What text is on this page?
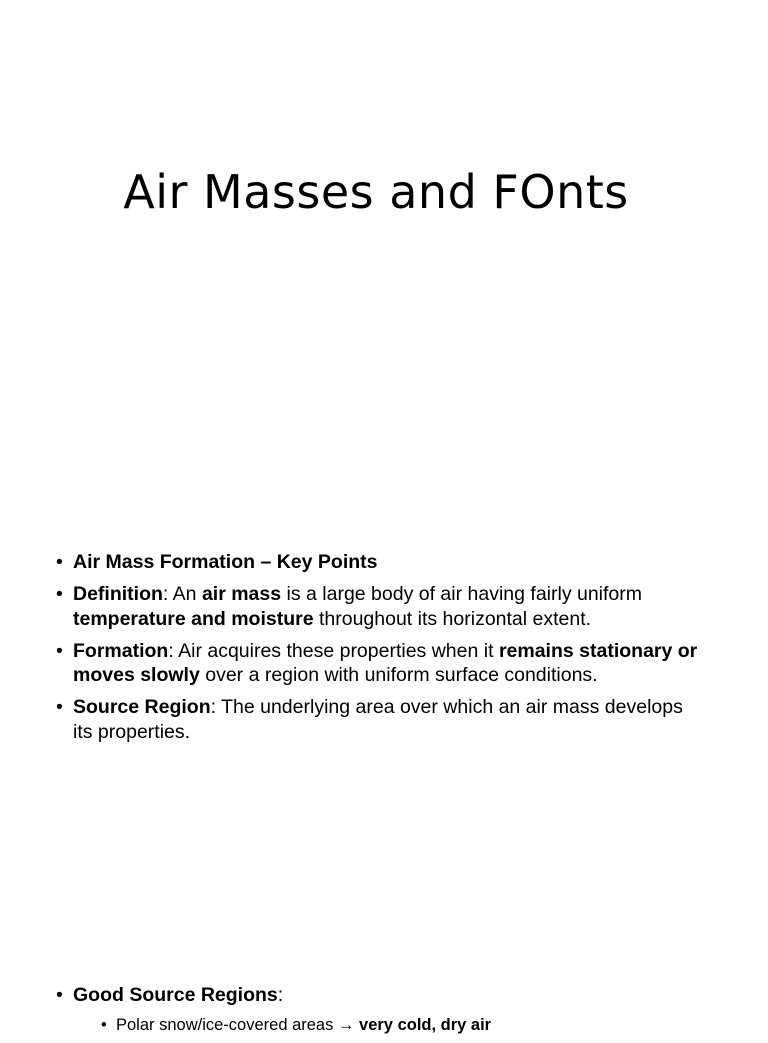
Air Masses and FOnts
• Air Mass Formation – Key Points
• Definition: An air mass is a large body of air having fairly uniform temperature and moisture throughout its horizontal extent.
• Formation: Air acquires these properties when it remains stationary or moves slowly over a region with uniform surface conditions.
• Source Region: The underlying area over which an air mass develops its properties.
• Good Source Regions:
• Polar snow/ice-covered areas → very cold, dry air
